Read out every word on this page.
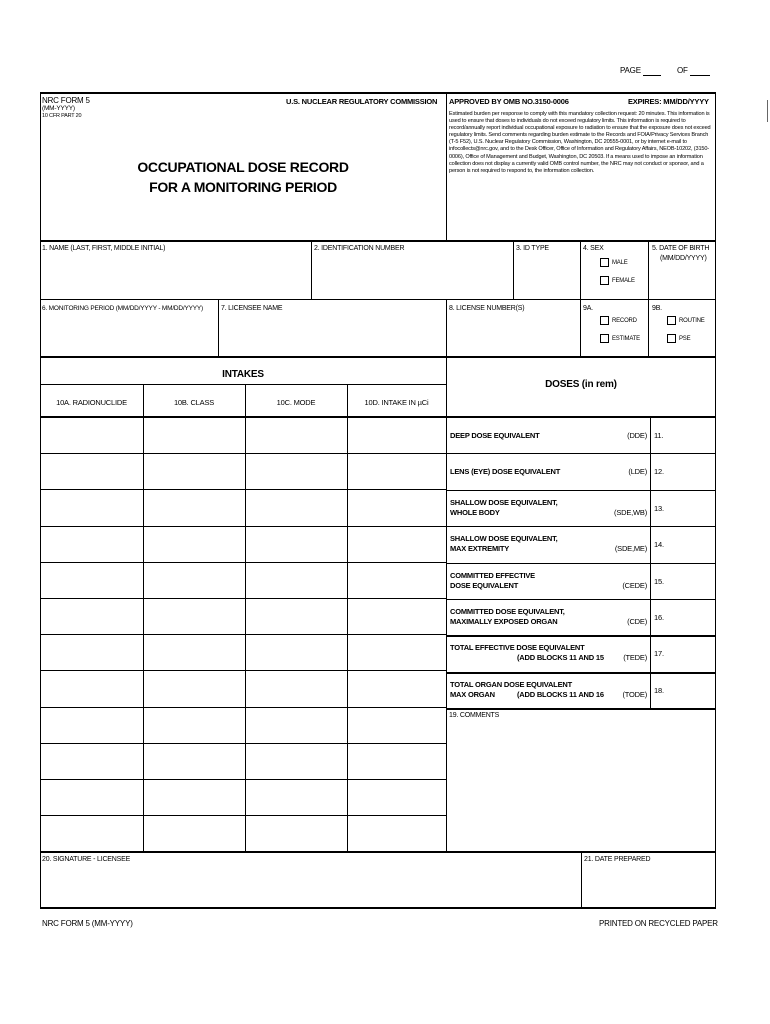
PAGE	OF
NRC FORM 5
(MM-YYYY)
10 CFR PART 20
U.S. NUCLEAR REGULATORY COMMISSION
OCCUPATIONAL DOSE RECORD
FOR A MONITORING PERIOD
APPROVED BY OMB NO.3150-0006	EXPIRES: MM/DD/YYYY
Estimated burden per response to comply with this mandatory collection request: 20 minutes. This information is used to ensure that doses to individuals do not exceed regulatory limits. This information is required to record/annually report individual occupational exposure to radiation to ensure that the exposure does not exceed regulatory limits. Send comments regarding burden estimate to the Records and FOIA/Privacy Services Branch (T-5 F52), U.S. Nuclear Regulatory Commission, Washington, DC 20555-0001, or by internet e-mail to infocollects@nrc.gov, and to the Desk Officer, Office of Information and Regulatory Affairs, NEOB-10202, (3150-0006), Office of Management and Budget, Washington, DC 20503. If a means used to impose an information collection does not display a currently valid OMB control number, the NRC may not conduct or sponsor, and a person is not required to respond to, the information collection.
1. NAME (LAST, FIRST, MIDDLE INITIAL)	2. IDENTIFICATION NUMBER	3. ID TYPE	4. SEX
MALE
FEMALE
5. DATE OF BIRTH
(MM/DD/YYYY)
6. MONITORING PERIOD (MM/DD/YYYY - MM/DD/YYYY)	7. LICENSEE NAME	8. LICENSE NUMBER(S)	9A.
RECORD
ESTIMATE
9B.
ROUTINE
PSE
INTAKES
10A. RADIONUCLIDE	10B. CLASS	10C. MODE	10D. INTAKE IN µCi
DOSES (in rem)
DEEP DOSE EQUIVALENT	(DDE) 11.
LENS (EYE) DOSE EQUIVALENT	(LDE) 12.
SHALLOW DOSE EQUIVALENT,
WHOLE BODY	(SDE,WB) 13.
SHALLOW DOSE EQUIVALENT,
MAX EXTREMITY	(SDE,ME) 14.
COMMITTED EFFECTIVE
DOSE EQUIVALENT	(CEDE) 15.
COMMITTED DOSE EQUIVALENT,
MAXIMALLY EXPOSED ORGAN	(CDE) 16.
TOTAL EFFECTIVE DOSE EQUIVALENT
(ADD BLOCKS 11 AND 15	(TEDE) 17.
TOTAL ORGAN DOSE EQUIVALENT
MAX ORGAN	(ADD BLOCKS 11 AND 16 (TODE) 18.
19. COMMENTS
20. SIGNATURE - LICENSEE	21. DATE PREPARED
NRC FORM 5 (MM-YYYY)	PRINTED ON RECYCLED PAPER
